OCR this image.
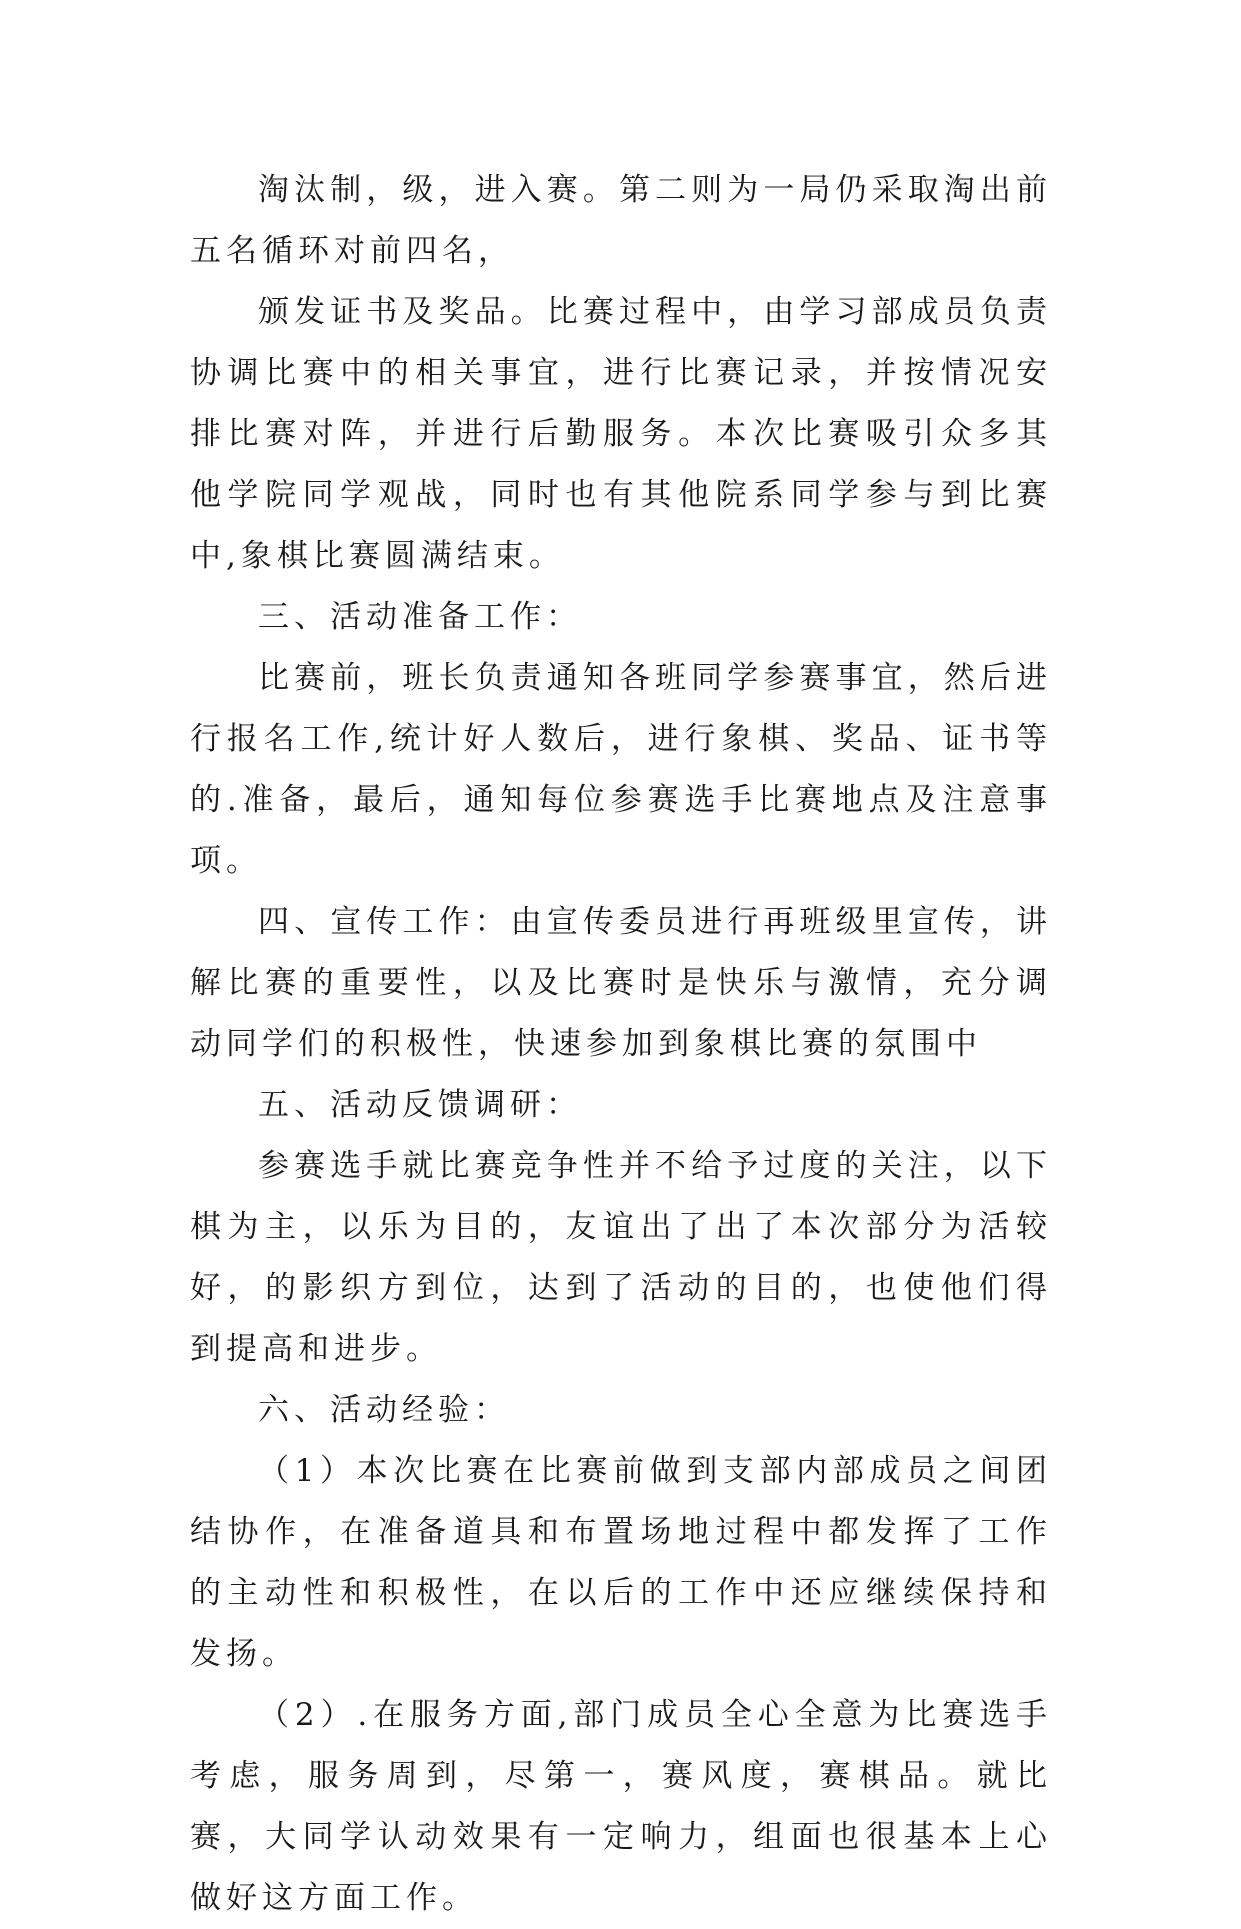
淘汰制，级，进入赛。第二则为一局仍采取淘出前五名循环对前四名，

颁发证书及奖品。比赛过程中，由学习部成员负责协调比赛中的相关事宜，进行比赛记录，并按情况安排比赛对阵，并进行后勤服务。本次比赛吸引众多其他学院同学观战，同时也有其他院系同学参与到比赛中,象棋比赛圆满结束。

三、活动准备工作：

比赛前，班长负责通知各班同学参赛事宜，然后进行报名工作,统计好人数后，进行象棋、奖品、证书等的.准备，最后，通知每位参赛选手比赛地点及注意事项。

四、宣传工作：由宣传委员进行再班级里宣传，讲解比赛的重要性，以及比赛时是快乐与激情，充分调动同学们的积极性，快速参加到象棋比赛的氛围中

五、活动反馈调研：

参赛选手就比赛竞争性并不给予过度的关注，以下棋为主，以乐为目的，友谊出了出了本次部分为活较好，的影织方到位，达到了活动的目的，也使他们得到提高和进步。

六、活动经验：

（1）本次比赛在比赛前做到支部内部成员之间团结协作，在准备道具和布置场地过程中都发挥了工作的主动性和积极性，在以后的工作中还应继续保持和发扬。

（2）.在服务方面,部门成员全心全意为比赛选手考虑，服务周到，尽第一，赛风度，赛棋品。就比赛，大同学认动效果有一定响力，组面也很基本上心做好这方面工作。
